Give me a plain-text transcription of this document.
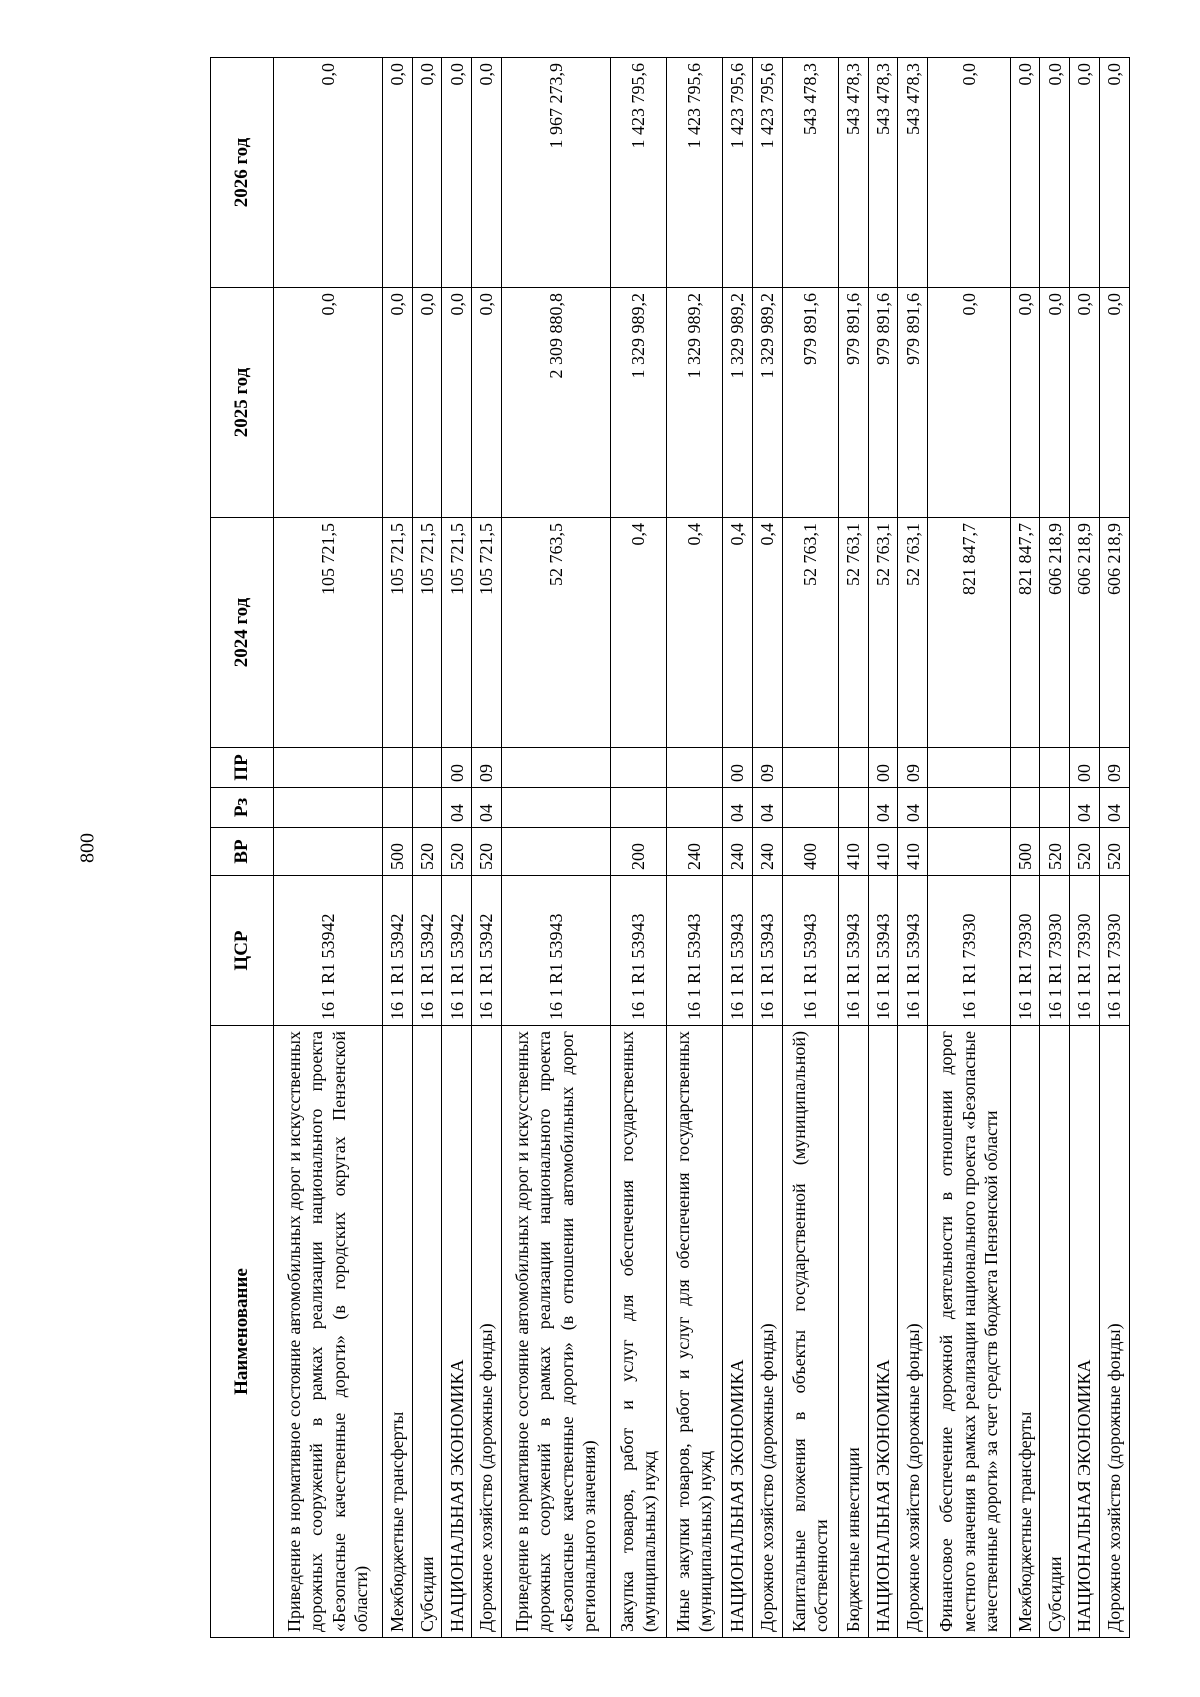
800
Наименование	ЦСР	ВР	Рз	ПР	2024 год	2025 год	2026 год
Приведение в нормативное состояние автомобильных дорог и искусственных дорожных сооружений в рамках реализации национального проекта «Безопасные качественные дороги» (в городских округах Пензенской области)	16 1 R1 53942				105 721,5	0,0	0,0
Межбюджетные трансферты	16 1 R1 53942	500			105 721,5	0,0	0,0
Субсидии	16 1 R1 53942	520			105 721,5	0,0	0,0
НАЦИОНАЛЬНАЯ ЭКОНОМИКА	16 1 R1 53942	520	04	00	105 721,5	0,0	0,0
Дорожное хозяйство (дорожные фонды)	16 1 R1 53942	520	04	09	105 721,5	0,0	0,0
Приведение в нормативное состояние автомобильных дорог и искусственных дорожных сооружений в рамках реализации национального проекта «Безопасные качественные дороги» (в отношении автомобильных дорог регионального значения)	16 1 R1 53943				52 763,5	2 309 880,8	1 967 273,9
Закупка товаров, работ и услуг для обеспечения государственных (муниципальных) нужд	16 1 R1 53943	200			0,4	1 329 989,2	1 423 795,6
Иные закупки товаров, работ и услуг для обеспечения государственных (муниципальных) нужд	16 1 R1 53943	240			0,4	1 329 989,2	1 423 795,6
НАЦИОНАЛЬНАЯ ЭКОНОМИКА	16 1 R1 53943	240	04	00	0,4	1 329 989,2	1 423 795,6
Дорожное хозяйство (дорожные фонды)	16 1 R1 53943	240	04	09	0,4	1 329 989,2	1 423 795,6
Капитальные вложения в объекты государственной (муниципальной) собственности	16 1 R1 53943	400			52 763,1	979 891,6	543 478,3
Бюджетные инвестиции	16 1 R1 53943	410			52 763,1	979 891,6	543 478,3
НАЦИОНАЛЬНАЯ ЭКОНОМИКА	16 1 R1 53943	410	04	00	52 763,1	979 891,6	543 478,3
Дорожное хозяйство (дорожные фонды)	16 1 R1 53943	410	04	09	52 763,1	979 891,6	543 478,3
Финансовое обеспечение дорожной деятельности в отношении дорог местного значения в рамках реализации национального проекта «Безопасные качественные дороги» за счет средств бюджета Пензенской области	16 1 R1 73930				821 847,7	0,0	0,0
Межбюджетные трансферты	16 1 R1 73930	500			821 847,7	0,0	0,0
Субсидии	16 1 R1 73930	520			606 218,9	0,0	0,0
НАЦИОНАЛЬНАЯ ЭКОНОМИКА	16 1 R1 73930	520	04	00	606 218,9	0,0	0,0
Дорожное хозяйство (дорожные фонды)	16 1 R1 73930	520	04	09	606 218,9	0,0	0,0
